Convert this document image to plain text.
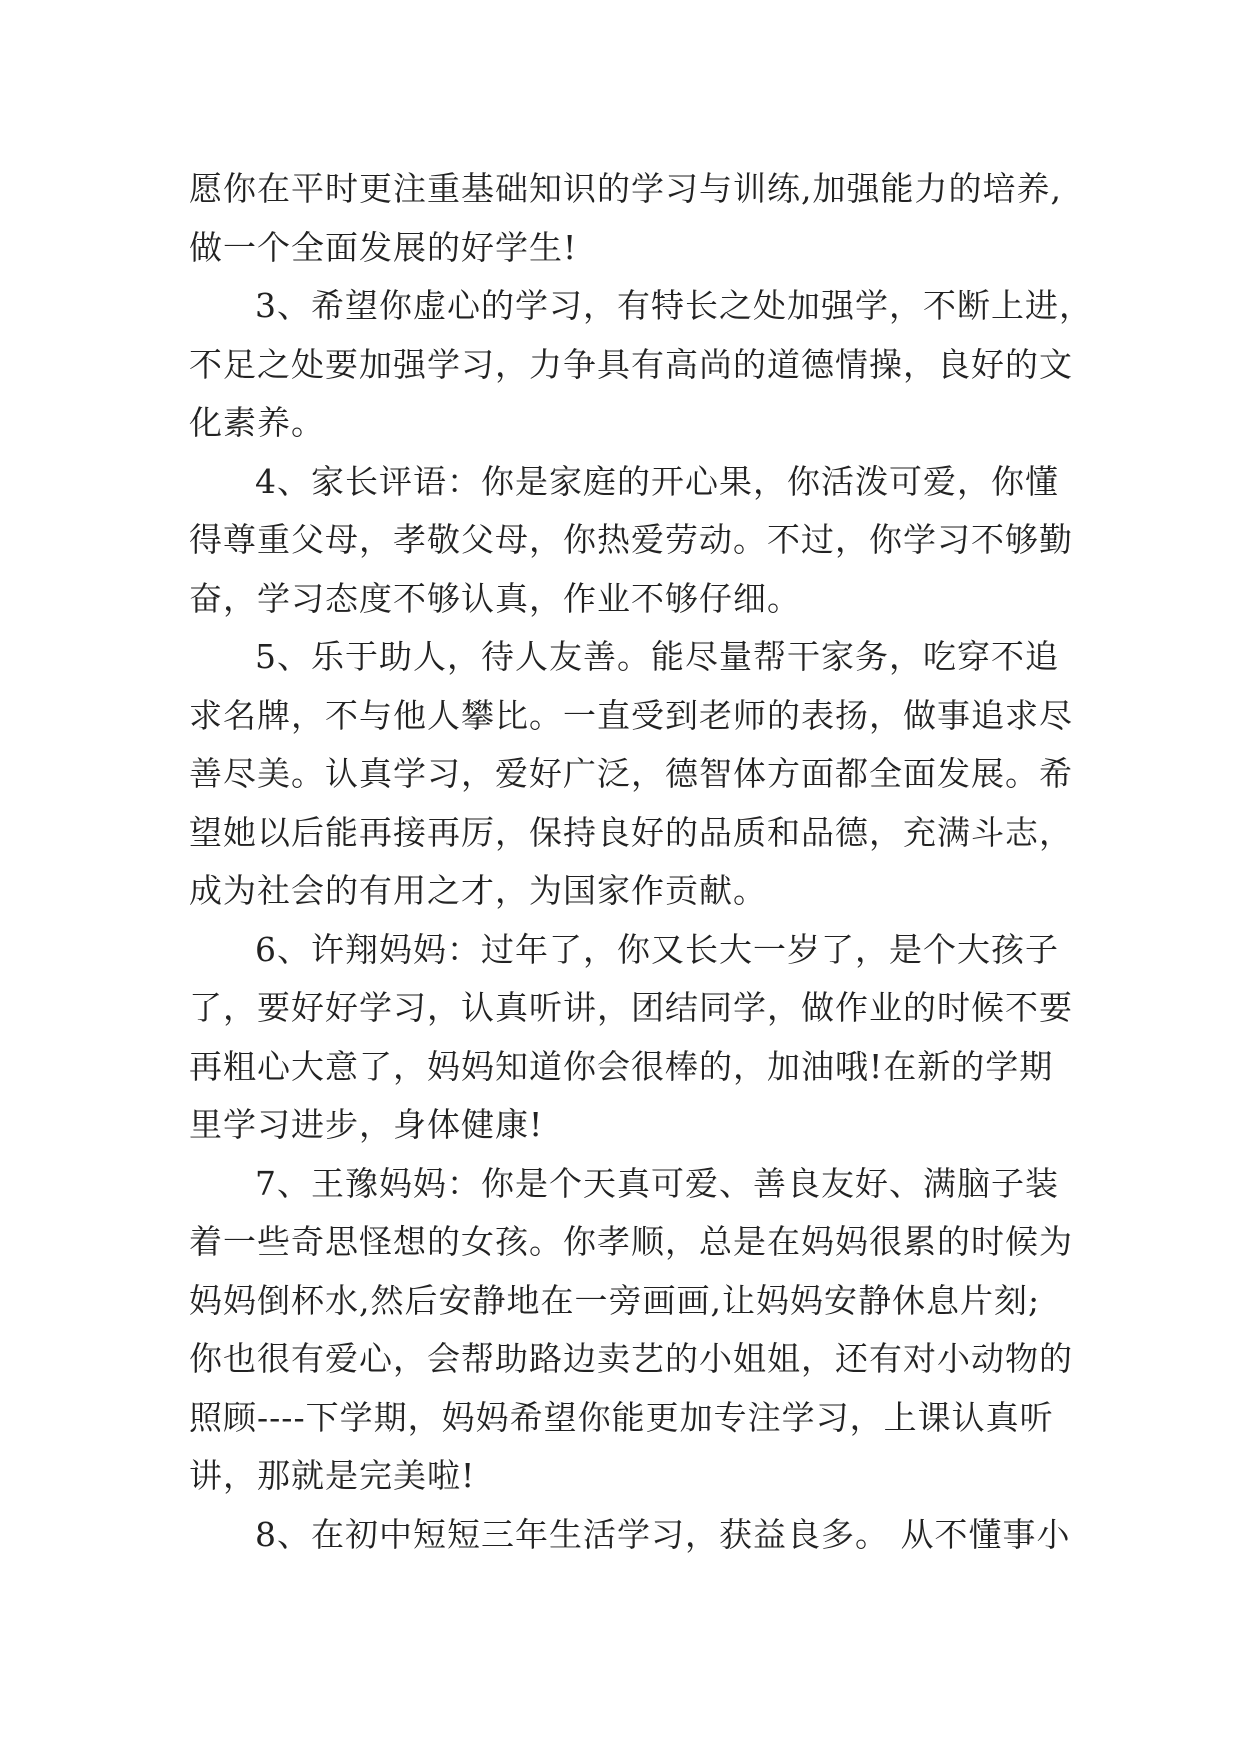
愿你在平时更注重基础知识的学习与训练,加强能力的培养,
做一个全面发展的好学生!
3、希望你虚心的学习，有特长之处加强学，不断上进，
不足之处要加强学习，力争具有高尚的道德情操，良好的文
化素养。
4、家长评语：你是家庭的开心果，你活泼可爱，你懂
得尊重父母，孝敬父母，你热爱劳动。不过，你学习不够勤
奋，学习态度不够认真，作业不够仔细。
5、乐于助人，待人友善。能尽量帮干家务，吃穿不追
求名牌，不与他人攀比。一直受到老师的表扬，做事追求尽
善尽美。认真学习，爱好广泛，德智体方面都全面发展。希
望她以后能再接再厉，保持良好的品质和品德，充满斗志，
成为社会的有用之才，为国家作贡献。
6、许翔妈妈：过年了，你又长大一岁了，是个大孩子
了，要好好学习，认真听讲，团结同学，做作业的时候不要
再粗心大意了，妈妈知道你会很棒的，加油哦!在新的学期
里学习进步，身体健康!
7、王豫妈妈：你是个天真可爱、善良友好、满脑子装
着一些奇思怪想的女孩。你孝顺，总是在妈妈很累的时候为
妈妈倒杯水,然后安静地在一旁画画,让妈妈安静休息片刻;
你也很有爱心，会帮助路边卖艺的小姐姐，还有对小动物的
照顾----下学期，妈妈希望你能更加专注学习，上课认真听
讲，那就是完美啦!
8、在初中短短三年生活学习，获益良多。 从不懂事小
